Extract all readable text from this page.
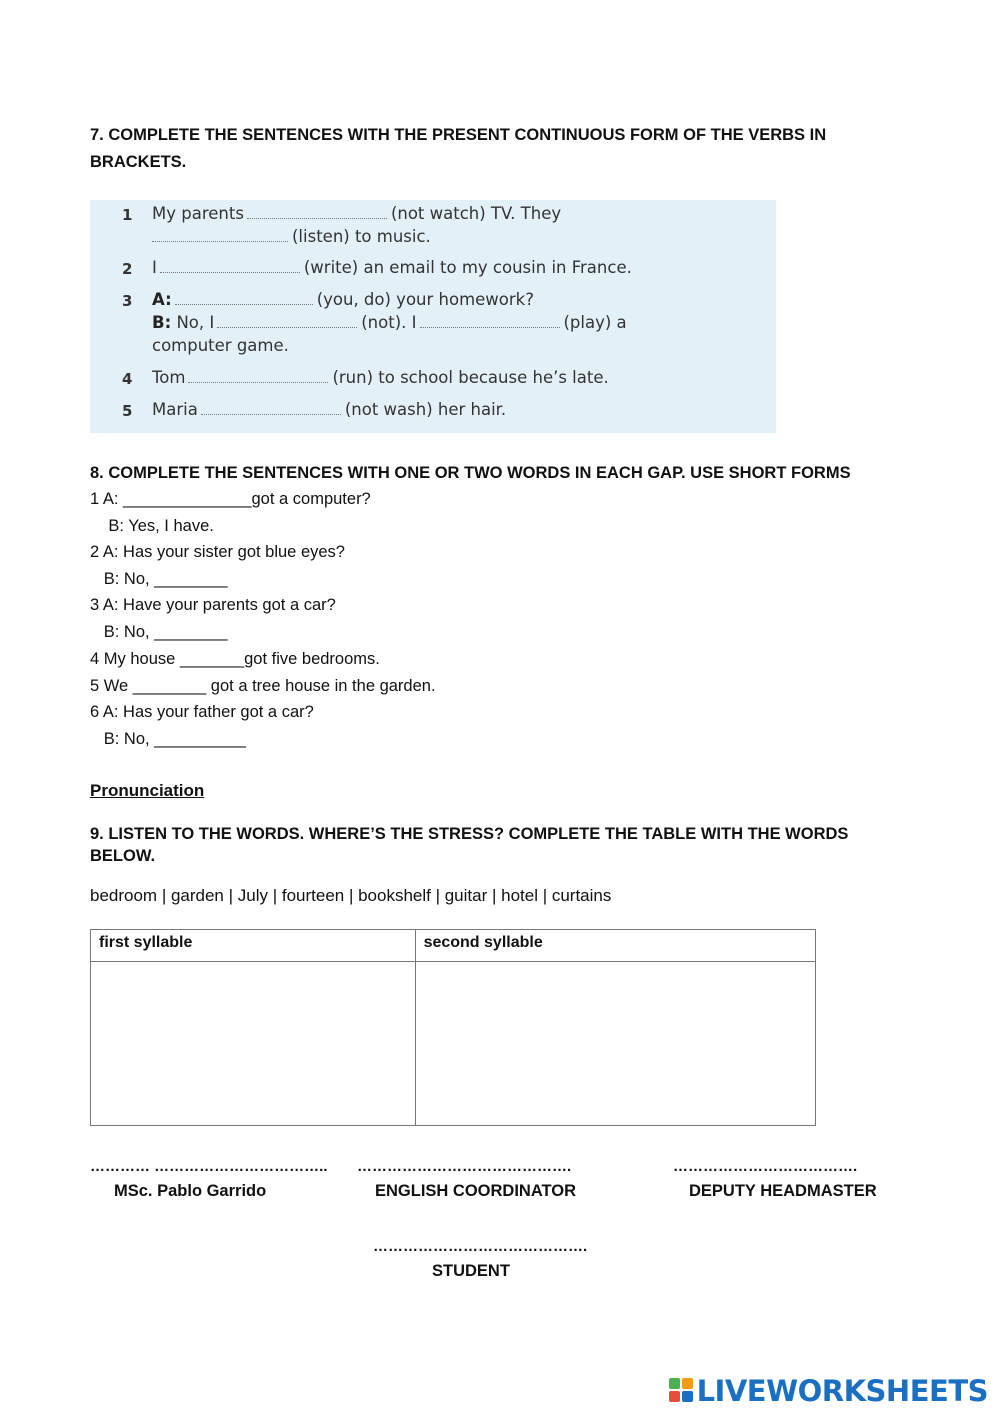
7. COMPLETE THE SENTENCES WITH THE PRESENT CONTINUOUS FORM OF THE VERBS IN BRACKETS.
1 My parents	(not watch) TV. They
(listen) to music.
2 I	(write) an email to my cousin in France.
3 A:	(you, do) your homework?
B: No, I	(not). I	(play) a
computer game.
4 Tom	(run) to school because he’s late.
5 Maria	(not wash) her hair.
8. COMPLETE THE SENTENCES WITH ONE OR TWO WORDS IN EACH GAP. USE SHORT FORMS
1 A: ______________got a computer?
B: Yes, I have.
2 A: Has your sister got blue eyes?
B: No, ________
3 A: Have your parents got a car?
B: No, ________
4 My house _______got five bedrooms.
5 We ________ got a tree house in the garden.
6 A: Has your father got a car?
B: No, __________
Pronunciation
9. LISTEN TO THE WORDS. WHERE’S THE STRESS? COMPLETE THE TABLE WITH THE WORDS BELOW.
bedroom | garden | July | fourteen | bookshelf | guitar | hotel | curtains
first syllable	second syllable

………… …………………………….. …………………………………….	……………………………….
MSc. Pablo Garrido	ENGLISH COORDINATOR	DEPUTY HEADMASTER
…………………………………….
STUDENT
LIVEWORKSHEETS
